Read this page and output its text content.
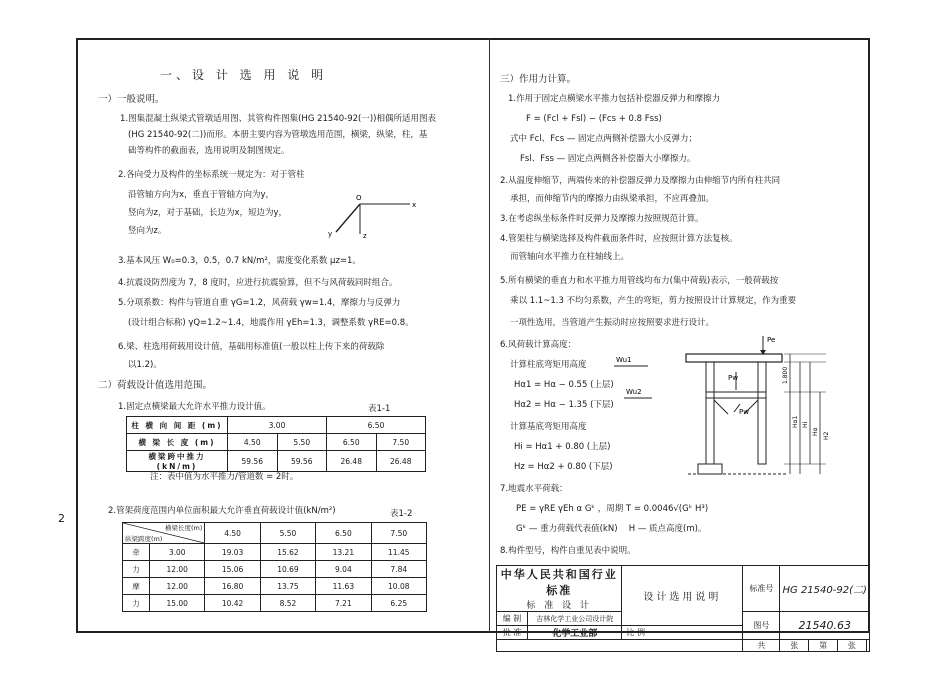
2
一、设 计 选 用 说 明
一）一般说明。
1.图集混凝土纵梁式管墩适用图、其管构件图集(HG 21540-92(一))相偶所适用图表
(HG 21540-92(二))而形。本册主要内容为管墩选用范围，横梁，纵梁，柱，基
础等构件的截面表，选用说明及制图规定。
2.各向受力及构件的坐标系统一规定为：对于管柱
沿管轴方向为x，垂直于管轴方向为y，
竖向为z，对于基础，长边为x，短边为y，
竖向为z。
O
x
y	z
3.基本风压 W₀=0.3，0.5，0.7 kN/m²，需度变化系数 μz=1。
4.抗震设防烈度为 7，8 度时，应进行抗震验算，但不与风荷载同时组合。
5.分项系数：构件与管道自重 γG=1.2，风荷载 γw=1.4，摩擦力与反弹力
(设计组合标称) γQ=1.2~1.4，地震作用 γEh=1.3，调整系数 γRE=0.8。
6.梁、柱选用荷载用设计值，基础用标准值(一般以柱上传下来的荷载除
以1.2)。
二）荷载设计值选用范围。
1.固定点横梁最大允许水平推力设计值。	表1-1
柱 横 向 间 距 (m)	3.00		6.50	
横 梁 长 度 (m)	4.50	5.50	6.50	7.50
横梁跨中推力(kN/m)	59.56	59.56	26.48	26.48
注：表中值为水平推力/管道数 = 2时。
2.管架荷度范围内单位面积最大允许垂直荷载设计值(kN/m²)	表1-2
横梁长度(m)
纵梁跨度(m)		4.50	5.50	6.50	7.50
牵	3.00	19.03	15.62	13.21	11.45
力	12.00	15.06	10.69	9.04	7.84
摩	12.00	16.80	13.75	11.63	10.08
力	15.00	10.42	8.52	7.21	6.25
三）作用力计算。
1.作用于固定点横梁水平推力包括补偿器反弹力和摩擦力
F = (Fcl + Fsl) − (Fcs + 0.8 Fss)
式中 Fcl、Fcs — 固定点两侧补偿器大小反弹力；
Fsl、Fss — 固定点两侧各补偿器大小摩擦力。
2.从温度伸缩节，两端传来的补偿器反弹力及摩擦力由伸缩节内所有柱共同
承担，而伸缩节内的摩擦力由纵梁承担，不应再叠加。
3.在考虑纵坐标条件时反弹力及摩擦力按照规范计算。
4.管架柱与横梁选择及构件截面条件时，应按照计算方法复核。
而管轴向水平推力在柱轴线上。
5.所有横梁的垂直力和水平推力用管线均布力(集中荷载)表示，一般荷载按
乘以 1.1~1.3 不均匀系数，产生的弯矩，剪力按照设计计算规定，作为重要
一项性选用，当管道产生振动时应按照要求进行设计。
6.风荷载计算高度：
计算柱底弯矩用高度
Hα1 = Hα − 0.55 (上层)
Hα2 = Hα − 1.35 (下层)
计算基底弯矩用高度
Hi = Hα1 + 0.80 (上层)
Hz = Hα2 + 0.80 (下层)
7.地震水平荷载：
PE = γRE γEh α Gᵏ ，周期 T = 0.0046√(Gᵏ H³)
Gᵏ — 重力荷载代表值(kN)　 H — 质点高度(m)。
8.构件型号，构件自重见表中说明。
Pe
Pw
Pw
Wu1
Wu2
1.800
Hα1 Hi
Hα H2
中华人民共和国行业标准
标 准 设 计		设计选用说明	标准号	HG 21540-92(二)			
编 制	吉林化学工业公司设计院		图号	21540.63			
批 准	化学工业部	比 例					
			共	张	第	张	
